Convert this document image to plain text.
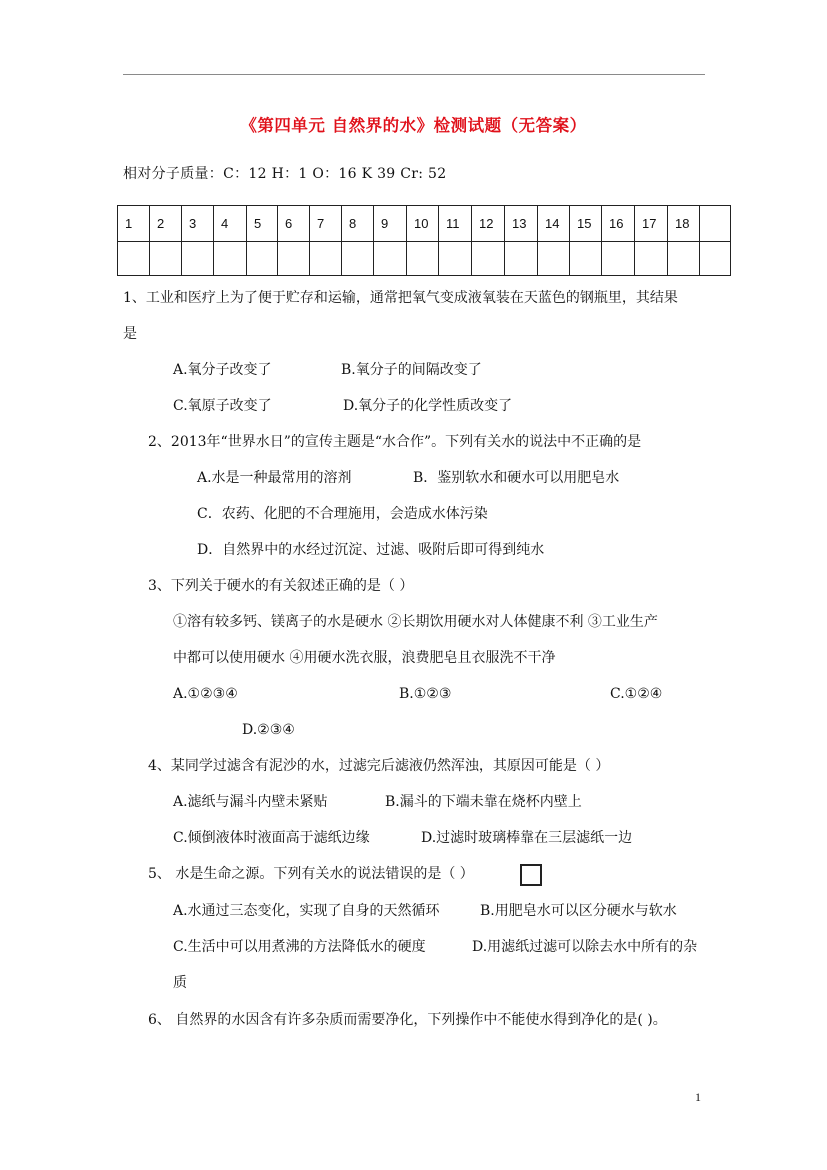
《第四单元 自然界的水》检测试题（无答案）
相对分子质量：C：12 H：1 O：16 K 39 Cr: 52
1	2	3	4	5	6	7	8	9	10	11	12	13	14	15	16	17	18	

1、工业和医疗上为了便于贮存和运输，通常把氧气变成液氧装在天蓝色的钢瓶里，其结果
是
A.氧分子改变了	B.氧分子的间隔改变了
C.氧原子改变了	D.氧分子的化学性质改变了
2、2013年“世界水日”的宣传主题是“水合作”。下列有关水的说法中不正确的是
A.水是一种最常用的溶剂	B．鉴别软水和硬水可以用肥皂水
C．农药、化肥的不合理施用，会造成水体污染
D．自然界中的水经过沉淀、过滤、吸附后即可得到纯水
3、下列关于硬水的有关叙述正确的是（ ）
①溶有较多钙、镁离子的水是硬水 ②长期饮用硬水对人体健康不利 ③工业生产
中都可以使用硬水 ④用硬水洗衣服，浪费肥皂且衣服洗不干净
A.①②③④	B.①②③	C.①②④
D.②③④
4、某同学过滤含有泥沙的水，过滤完后滤液仍然浑浊，其原因可能是（ ）
A.滤纸与漏斗内壁未紧贴	B.漏斗的下端未靠在烧杯内壁上
C.倾倒液体时液面高于滤纸边缘	D.过滤时玻璃棒靠在三层滤纸一边
5、 水是生命之源。下列有关水的说法错误的是（ ）
A.水通过三态变化，实现了自身的天然循环	B.用肥皂水可以区分硬水与软水
C.生活中可以用煮沸的方法降低水的硬度	D.用滤纸过滤可以除去水中所有的杂
质
6、 自然界的水因含有许多杂质而需要净化，下列操作中不能使水得到净化的是( )。
1
